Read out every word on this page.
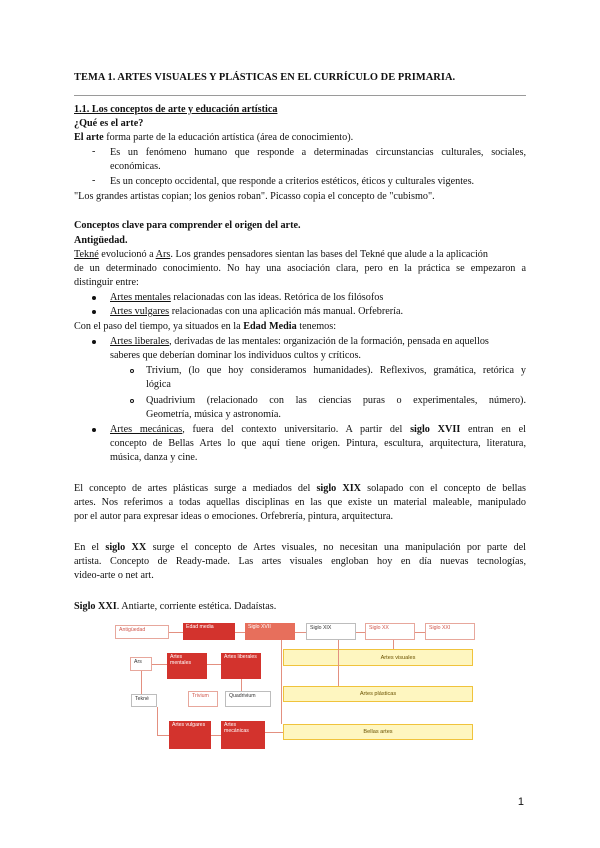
TEMA 1. ARTES VISUALES Y PLÁSTICAS EN EL CURRÍCULO DE PRIMARIA.
1.1. Los conceptos de arte y educación artística
¿Qué es el arte?
El arte forma parte de la educación artística (área de conocimiento).
- Es un fenómeno humano que responde a determinadas circunstancias culturales, sociales,
económicas.
- Es un concepto occidental, que responde a criterios estéticos, éticos y culturales vigentes.
"Los grandes artistas copian; los genios roban". Picasso copia el concepto de "cubismo".
Conceptos clave para comprender el origen del arte.
Antigüedad.
Tekné evolucionó a Ars. Los grandes pensadores sientan las bases del Tekné que alude a la aplicación
de un determinado conocimiento. No hay una asociación clara, pero en la práctica se empezaron a
distinguir entre:
Artes mentales relacionadas con las ideas. Retórica de los filósofos
Artes vulgares relacionadas con una aplicación más manual. Orfebrería.
Con el paso del tiempo, ya situados en la Edad Media tenemos:
Artes liberales, derivadas de las mentales: organización de la formación, pensada en aquellos
saberes que deberían dominar los individuos cultos y críticos.
Trivium, (lo que hoy consideramos humanidades). Reflexivos, gramática, retórica y
lógica
Quadrivium (relacionado con las ciencias puras o experimentales, número).
Geometría, música y astronomía.
Artes mecánicas, fuera del contexto universitario. A partir del siglo XVII entran en el
concepto de Bellas Artes lo que aquí tiene origen. Pintura, escultura, arquitectura, literatura,
música, danza y cine.
El concepto de artes plásticas surge a mediados del siglo XIX solapado con el concepto de bellas
artes. Nos referimos a todas aquellas disciplinas en las que existe un material maleable, manipulado
por el autor para expresar ideas o emociones. Orfebrería, pintura, arquitectura.
En el siglo XX surge el concepto de Artes visuales, no necesitan una manipulación por parte del
artista. Concepto de Ready-made. Las artes visuales engloban hoy en día nuevas tecnologías,
video-arte o net art.
Siglo XXI. Antiarte, corriente estética. Dadaístas.
Antigüedad	Edad media	Siglo XVII	Siglo XIX	Siglo XX	Siglo XXI
Ars
Artes mentales
Artes liberales
Tekné	Trivium	Quadrivium
Artes visuales
Artes plásticas
Bellas artes
Artes vulgares	Artes mecánicas
1
